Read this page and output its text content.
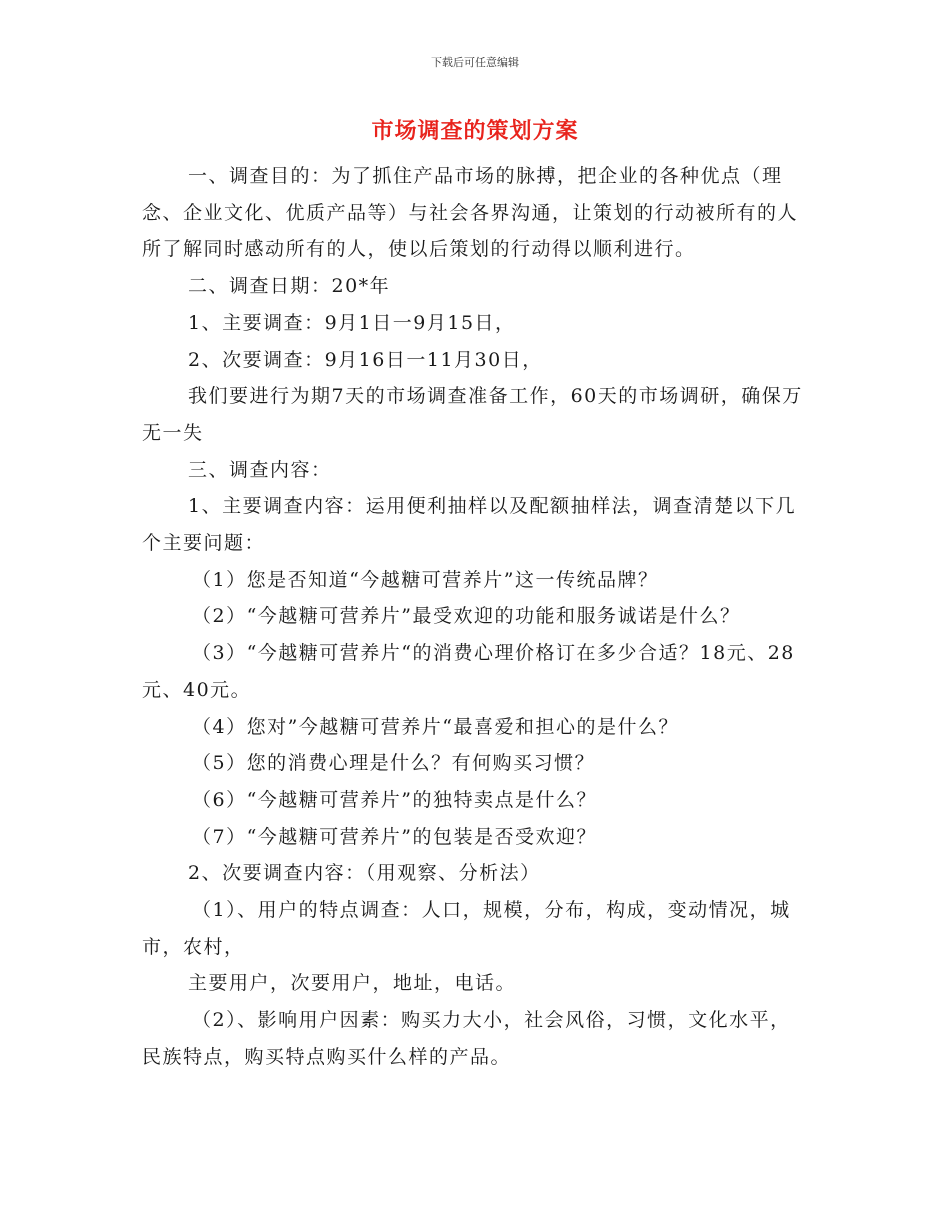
下载后可任意编辑
市场调查的策划方案

一、调查目的：为了抓住产品市场的脉搏，把企业的各种优点（理念、企业文化、优质产品等）与社会各界沟通，让策划的行动被所有的人所了解同时感动所有的人，使以后策划的行动得以顺利进行。

二、调查日期：20*年

1、主要调查：9月1日一9月15日，

2、次要调查：9月16日一11月30日，

我们要进行为期7天的市场调查准备工作，60天的市场调研，确保万无一失

三、调查内容：

1、主要调查内容：运用便利抽样以及配额抽样法，调查清楚以下几个主要问题：

（1）您是否知道“今越糖可营养片”这一传统品牌？

（2）“今越糖可营养片”最受欢迎的功能和服务诚诺是什么？

（3）“今越糖可营养片“的消费心理价格订在多少合适？18元、28元、40元。

（4）您对”今越糖可营养片“最喜爱和担心的是什么？

（5）您的消费心理是什么？有何购买习惯？

（6）“今越糖可营养片”的独特卖点是什么？

（7）“今越糖可营养片”的包装是否受欢迎？

2、次要调查内容：（用观察、分析法）

（1）、用户的特点调查：人口，规模，分布，构成，变动情况，城市，农村，

主要用户，次要用户，地址，电话。

（2）、影响用户因素：购买力大小，社会风俗，习惯，文化水平，民族特点，购买特点购买什么样的产品。
